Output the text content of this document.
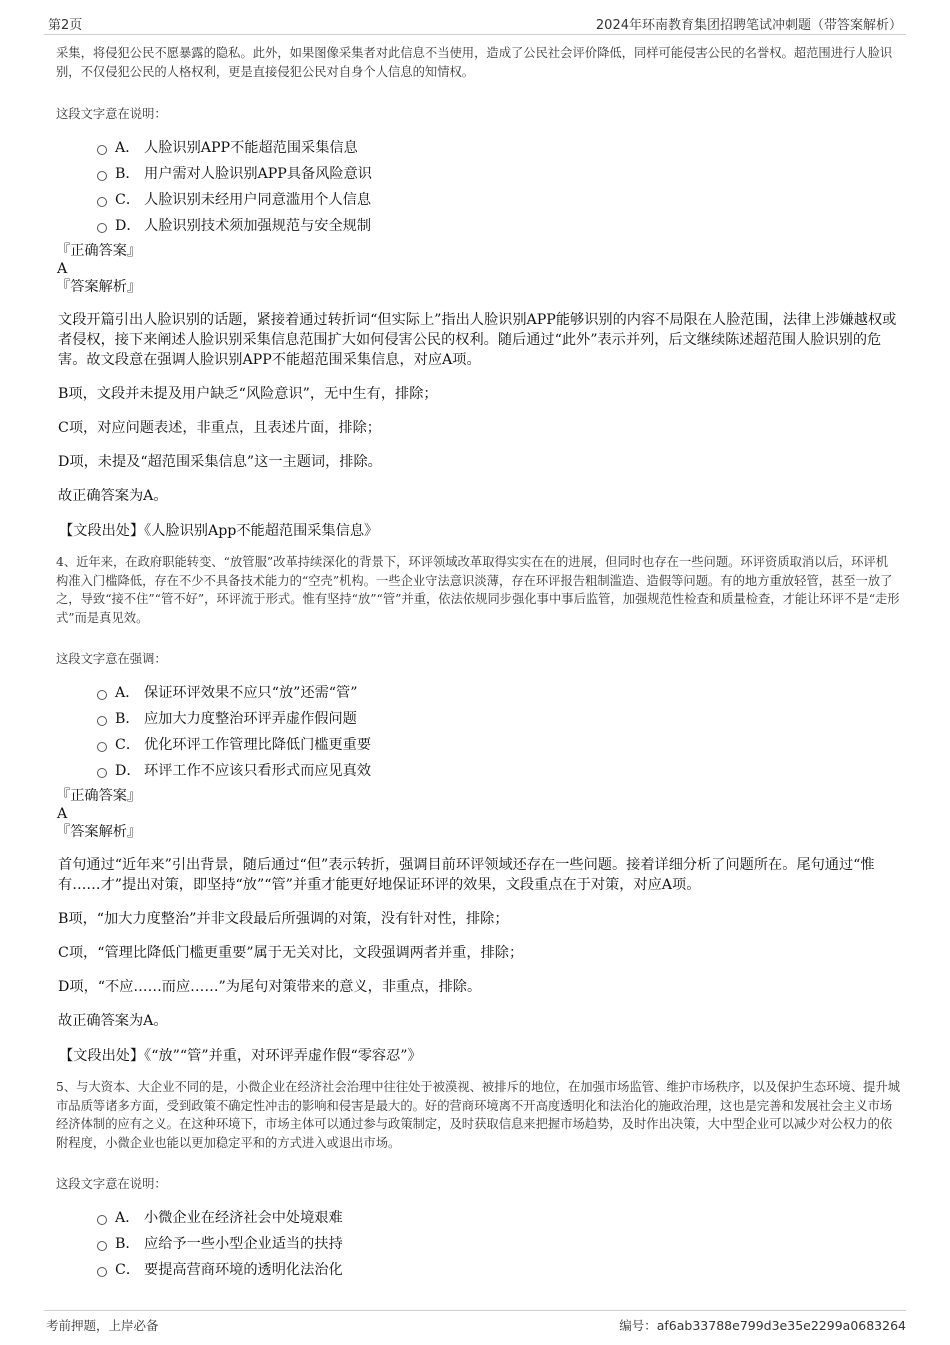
第2页	2024年环南教育集团招聘笔试冲刺题（带答案解析）

采集，将侵犯公民不愿暴露的隐私。此外，如果图像采集者对此信息不当使用，造成了公民社会评价降低，同样可能侵害公民的名誉权。超范围进行人脸识别，不仅侵犯公民的人格权利，更是直接侵犯公民对自身个人信息的知情权。

这段文字意在说明：

A． 人脸识别APP不能超范围采集信息
B． 用户需对人脸识别APP具备风险意识
C． 人脸识别未经用户同意滥用个人信息
D． 人脸识别技术须加强规范与安全规制

『正确答案』

A

『答案解析』

文段开篇引出人脸识别的话题，紧接着通过转折词“但实际上”指出人脸识别APP能够识别的内容不局限在人脸范围，法律上涉嫌越权或者侵权，接下来阐述人脸识别采集信息范围扩大如何侵害公民的权利。随后通过“此外”表示并列，后文继续陈述超范围人脸识别的危害。故文段意在强调人脸识别APP不能超范围采集信息，对应A项。

B项，文段并未提及用户缺乏“风险意识”，无中生有，排除；

C项，对应问题表述，非重点，且表述片面，排除；

D项，未提及“超范围采集信息”这一主题词，排除。

故正确答案为A。

【文段出处】《人脸识别App不能超范围采集信息》

4、近年来，在政府职能转变、“放管服”改革持续深化的背景下，环评领域改革取得实实在在的进展，但同时也存在一些问题。环评资质取消以后，环评机构准入门槛降低，存在不少不具备技术能力的“空壳”机构。一些企业守法意识淡薄，存在环评报告粗制滥造、造假等问题。有的地方重放轻管，甚至一放了之，导致“接不住”“管不好”，环评流于形式。惟有坚持“放”“管”并重，依法依规同步强化事中事后监管，加强规范性检查和质量检查，才能让环评不是“走形式”而是真见效。

这段文字意在强调：

A． 保证环评效果不应只“放”还需“管”
B． 应加大力度整治环评弄虚作假问题
C． 优化环评工作管理比降低门槛更重要
D． 环评工作不应该只看形式而应见真效

『正确答案』

A

『答案解析』

首句通过“近年来”引出背景，随后通过“但”表示转折，强调目前环评领域还存在一些问题。接着详细分析了问题所在。尾句通过“惟有……才”提出对策，即坚持“放”“管”并重才能更好地保证环评的效果，文段重点在于对策，对应A项。

B项，“加大力度整治”并非文段最后所强调的对策，没有针对性，排除；

C项，“管理比降低门槛更重要”属于无关对比，文段强调两者并重，排除；

D项，“不应……而应……”为尾句对策带来的意义，非重点，排除。

故正确答案为A。

【文段出处】《“放”“管”并重，对环评弄虚作假“零容忍”》

5、与大资本、大企业不同的是，小微企业在经济社会治理中往往处于被漠视、被排斥的地位，在加强市场监管、维护市场秩序，以及保护生态环境、提升城市品质等诸多方面，受到政策不确定性冲击的影响和侵害是最大的。好的营商环境离不开高度透明化和法治化的施政治理，这也是完善和发展社会主义市场经济体制的应有之义。在这种环境下，市场主体可以通过参与政策制定，及时获取信息来把握市场趋势，及时作出决策，大中型企业可以减少对公权力的依附程度，小微企业也能以更加稳定平和的方式进入或退出市场。

这段文字意在说明：

A． 小微企业在经济社会中处境艰难
B． 应给予一些小型企业适当的扶持
C． 要提高营商环境的透明化法治化
考前押题，上岸必备	编号：af6ab33788e799d3e35e2299a0683264
